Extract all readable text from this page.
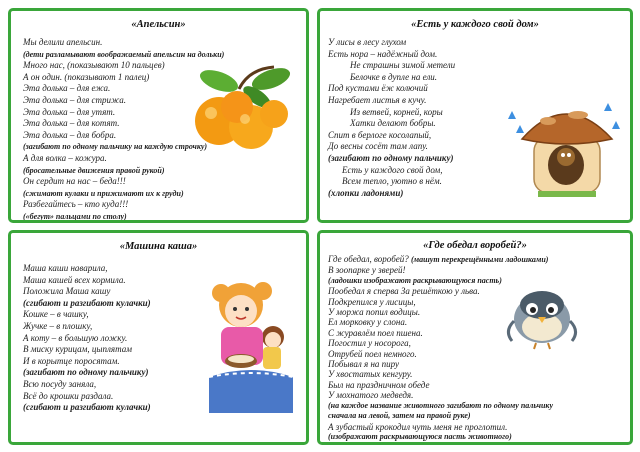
«Апельсин»
Мы делили апельсин.
(дети разламывают воображаемый апельсин на дольки)
Много нас, (показывают 10 пальцев)
А он один. (показывают 1 палец)
Эта долька – для ежа.
Эта долька – для стрижа.
Эта долька – для утят.
Эта долька – для котят.
Эта долька – для бобра.
(загибают по одному пальчику на каждую строчку)
А для волка – кожура.
(бросательные движения правой рукой)
Он сердит на нас – беда!!!
(сжимают кулаки и прижимают их к груди)
Разбегайтесь – кто куда!!!
(«бегут» пальцами по столу)
«Есть у каждого свой дом»
У лисы в лесу глухом
Есть нора – надёжный дом.
Не страшны зимой метели
Белочке в дупле на ели.
Под кустами ёж колючий
Нагребает листья в кучу.
Из ветвей, корней, коры
Хатки делают бобры.
Спит в берлоге косолапый,
До весны сосёт там лапу.
(загибают по одному пальчику)
Есть у каждого свой дом,
Всем тепло, уютно в нём.
(хлопки ладонями)
«Машина каша»
Маша каши наварила,
Маша кашей всех кормила.
Положила Маша кашу
(сгибают и разгибают кулачки)
Кошке – в чашку,
Жучке – в плошку,
А коту – в большую ложку.
В миску курицам, цыплятам
И в корытце поросятам.
(загибают по одному пальчику)
Всю посуду заняла,
Всё до крошки раздала.
(сгибают и разгибают кулачки)
«Где обедал воробей?»
Где обедал, воробей? (машут перекрещёнными ладошками)
В зоопарке у зверей!
(ладошки изображают раскрывающуюся пасть)
Пообедал я сперва За решёткою у льва.
Подкрепился у лисицы,
У моржа попил водицы.
Ел морковку у слона.
С журавлём поел пшена.
Погостил у носорога,
Отрубей поел немного.
Побывал я на пиру
У хвостатых кенгуру.
Был на праздничном обеде
У мохнатого медведя.
(на каждое название животного загибают по одному пальчику
сначала на левой, затем на правой руке)
А зубастый крокодил чуть меня не проглотил.
(изображают раскрывающуюся пасть животного)
